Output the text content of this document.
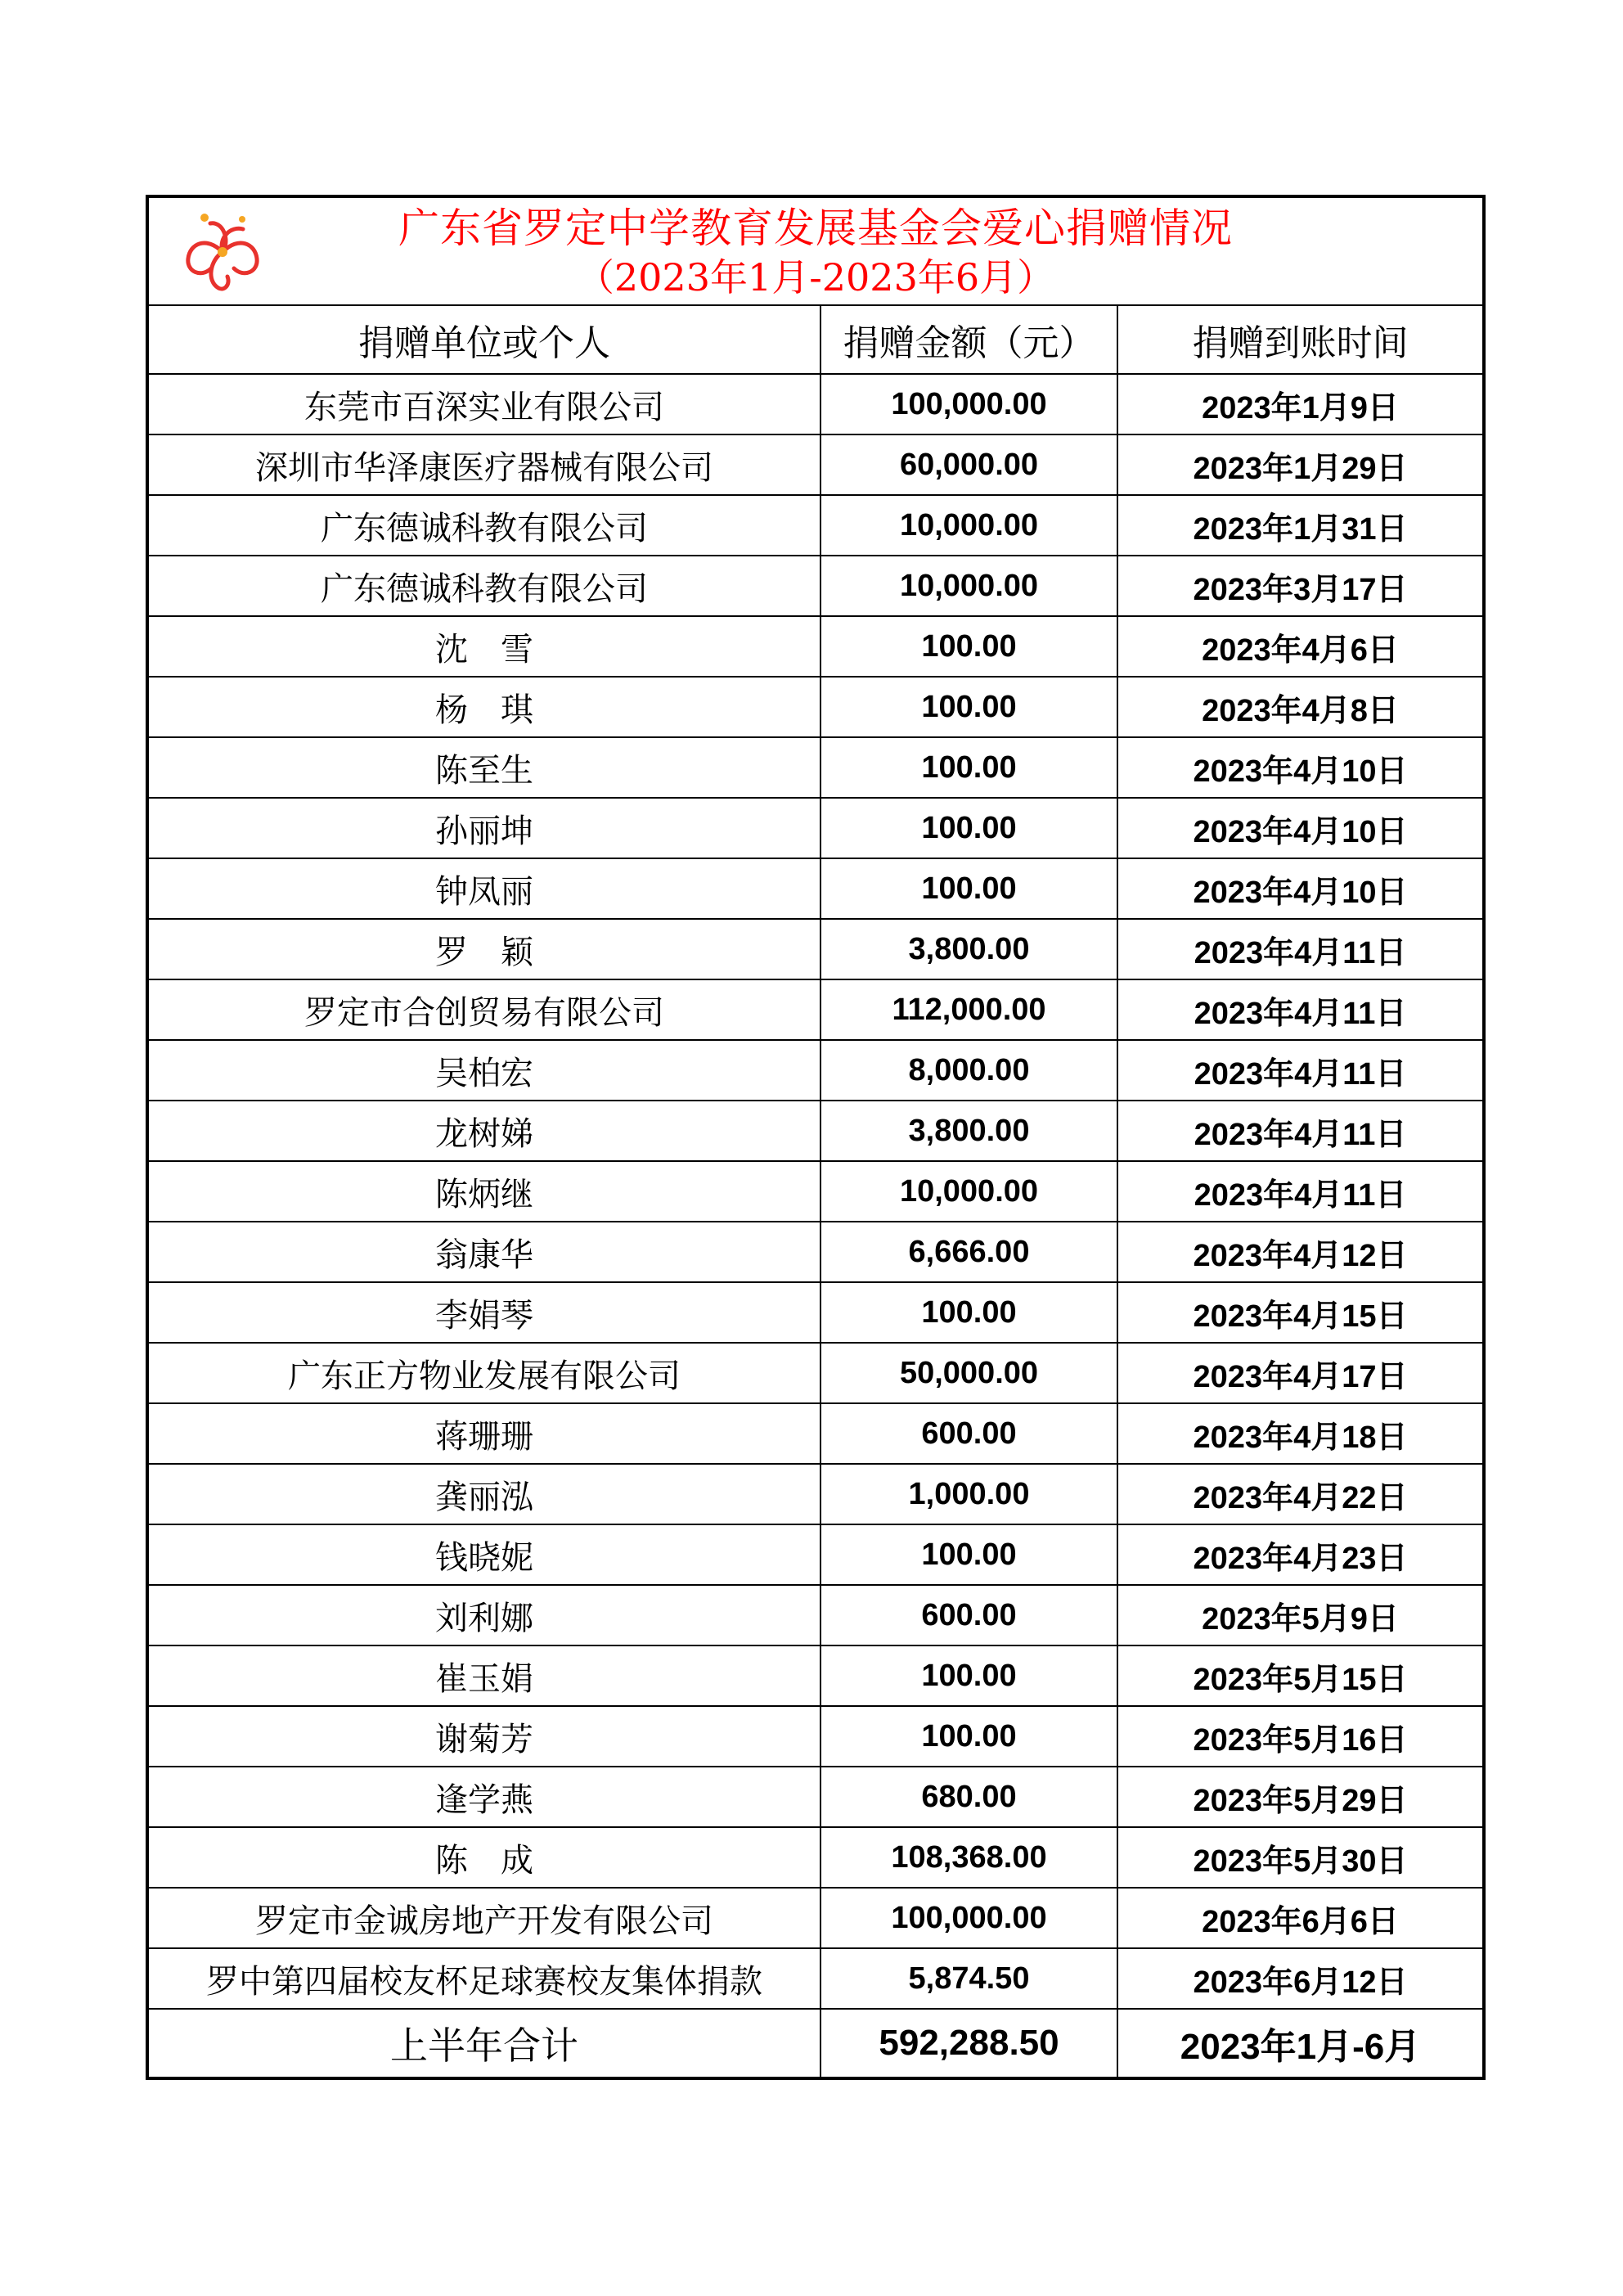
广东省罗定中学教育发展基金会爱心捐赠情况
（2023年1月-2023年6月）		

捐赠单位或个人	捐赠金额（元）	捐赠到账时间
东莞市百深实业有限公司	100,000.00	2023年1月9日
深圳市华泽康医疗器械有限公司	60,000.00	2023年1月29日
广东德诚科教有限公司	10,000.00	2023年1月31日
广东德诚科教有限公司	10,000.00	2023年3月17日
沈　雪	100.00	2023年4月6日
杨　琪	100.00	2023年4月8日
陈至生	100.00	2023年4月10日
孙丽坤	100.00	2023年4月10日
钟凤丽	100.00	2023年4月10日
罗　颖	3,800.00	2023年4月11日
罗定市合创贸易有限公司	112,000.00	2023年4月11日
吴柏宏	8,000.00	2023年4月11日
龙树娣	3,800.00	2023年4月11日
陈炳继	10,000.00	2023年4月11日
翁康华	6,666.00	2023年4月12日
李娟琴	100.00	2023年4月15日
广东正方物业发展有限公司	50,000.00	2023年4月17日
蒋珊珊	600.00	2023年4月18日
龚丽泓	1,000.00	2023年4月22日
钱晓妮	100.00	2023年4月23日
刘利娜	600.00	2023年5月9日
崔玉娟	100.00	2023年5月15日
谢菊芳	100.00	2023年5月16日
逢学燕	680.00	2023年5月29日
陈　成	108,368.00	2023年5月30日
罗定市金诚房地产开发有限公司	100,000.00	2023年6月6日
罗中第四届校友杯足球赛校友集体捐款	5,874.50	2023年6月12日
上半年合计	592,288.50	2023年1月-6月
